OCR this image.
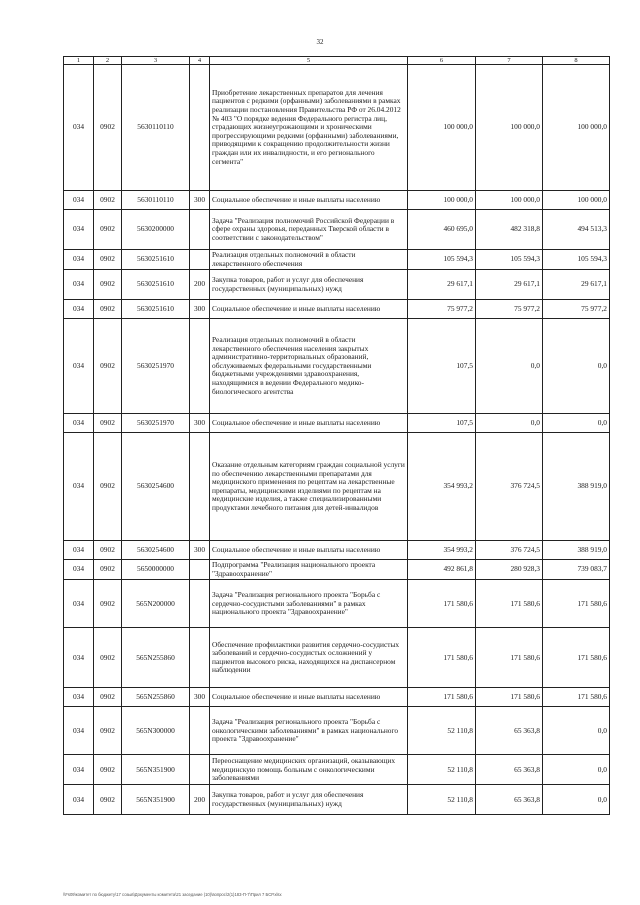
32
1	2	3	4	5	6	7	8
034	0902	5630110110		Приобретение лекарственных препаратов для лечения пациентов с редкими (орфанными) заболеваниями в рамках реализации постановления Правительства РФ от 26.04.2012 № 403 "О порядке ведения Федерального регистра лиц, страдающих жизнеугрожающими и хроническими прогрессирующими редкими (орфанными) заболеваниями, приводящими к сокращению продолжительности жизни граждан или их инвалидности, и его регионального сегмента"	100 000,0	100 000,0	100 000,0
034	0902	5630110110	300	Социальное обеспечение и иные выплаты населению	100 000,0	100 000,0	100 000,0
034	0902	5630200000		Задача "Реализация полномочий Российской Федерации в сфере охраны здоровья, переданных Тверской области в соответствии с законодательством"	460 695,0	482 318,8	494 513,3
034	0902	5630251610		Реализация отдельных полномочий в области лекарственного обеспечения	105 594,3	105 594,3	105 594,3
034	0902	5630251610	200	Закупка товаров, работ и услуг для обеспечения государственных (муниципальных) нужд	29 617,1	29 617,1	29 617,1
034	0902	5630251610	300	Социальное обеспечение и иные выплаты населению	75 977,2	75 977,2	75 977,2
034	0902	5630251970		Реализация отдельных полномочий в области лекарственного обеспечения населения закрытых административно-территориальных образований, обслуживаемых федеральными государственными бюджетными учреждениями здравоохранения, находящимися в ведении Федерального медико-биологического агентства	107,5	0,0	0,0
034	0902	5630251970	300	Социальное обеспечение и иные выплаты населению	107,5	0,0	0,0
034	0902	5630254600		Оказание отдельным категориям граждан социальной услуги по обеспечению лекарственными препаратами для медицинского применения по рецептам на лекарственные препараты, медицинскими изделиями по рецептам на медицинские изделия, а также специализированными продуктами лечебного питания для детей-инвалидов	354 993,2	376 724,5	388 919,0
034	0902	5630254600	300	Социальное обеспечение и иные выплаты населению	354 993,2	376 724,5	388 919,0
034	0902	5650000000		Подпрограмма "Реализация национального проекта "Здравоохранение"	492 861,8	280 928,3	739 083,7
034	0902	565N200000		Задача "Реализация регионального проекта "Борьба с сердечно-сосудистыми заболеваниями" в рамках национального проекта "Здравоохранение"	171 580,6	171 580,6	171 580,6
034	0902	565N255860		Обеспечение профилактики развития сердечно-сосудистых заболеваний и сердечно-сосудистых осложнений у пациентов высокого риска, находящихся на диспансерном наблюдении	171 580,6	171 580,6	171 580,6
034	0902	565N255860	300	Социальное обеспечение и иные выплаты населению	171 580,6	171 580,6	171 580,6
034	0902	565N300000		Задача "Реализация регионального проекта "Борьба с онкологическими заболеваниями" в рамках национального проекта "Здравоохранение"	52 110,8	65 363,8	0,0
034	0902	565N351900		Переоснащение медицинских организаций, оказывающих медицинскую помощь больным с онкологическими заболеваниями	52 110,8	65 363,8	0,0
034	0902	565N351900	200	Закупка товаров, работ и услуг для обеспечения государственных (муниципальных) нужд	52 110,8	65 363,8	0,0
\\Fs09\комитет по бюджету\17 созыв\Документы комитета\21 заседание (10)\вопрос\2(1)183-П-7\Прил 7 БСР.xlsx
